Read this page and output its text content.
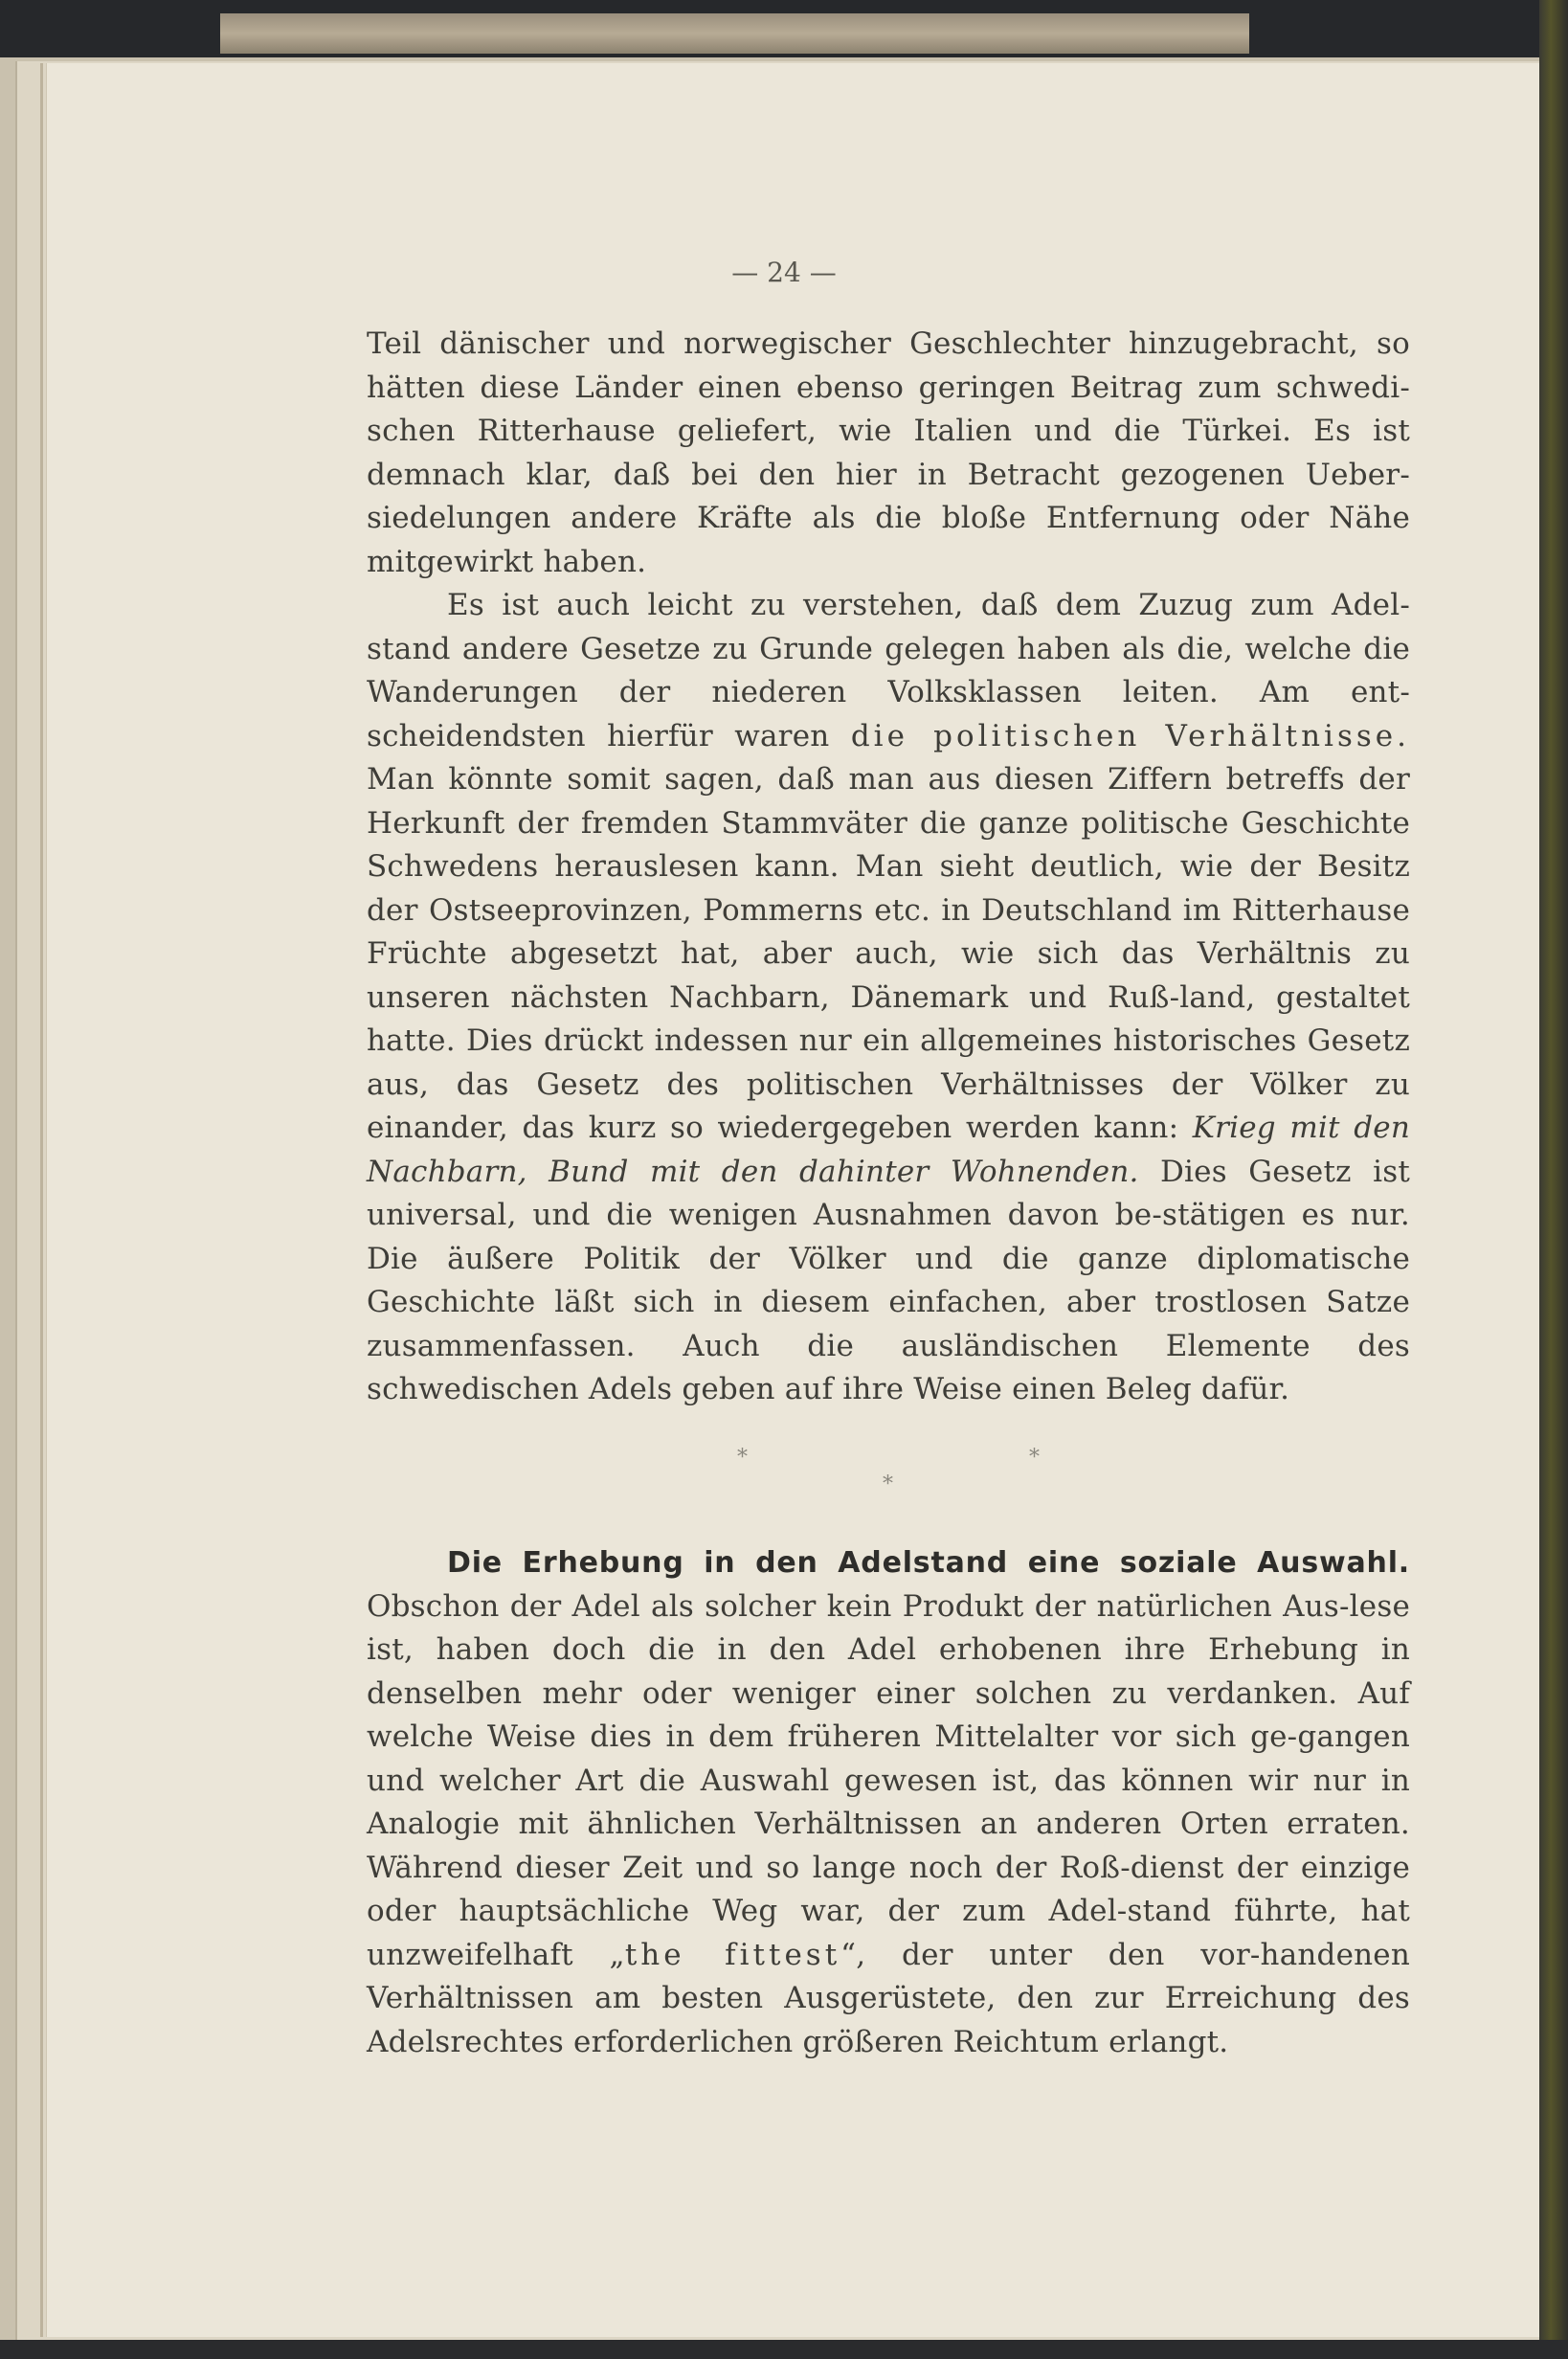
— 24 —

Teil dänischer und norwegischer Geschlechter hinzugebracht, so hätten diese Länder einen ebenso geringen Beitrag zum schwedi- schen Ritterhause geliefert, wie Italien und die Türkei. Es ist demnach klar, daß bei den hier in Betracht gezogenen Ueber- siedelungen andere Kräfte als die bloße Entfernung oder Nähe mitgewirkt haben.

Es ist auch leicht zu verstehen, daß dem Zuzug zum Adel-stand andere Gesetze zu Grunde gelegen haben als die, welche die Wanderungen der niederen Volksklassen leiten. Am ent-scheidendsten hierfür waren die politischen Verhältnisse. Man könnte somit sagen, daß man aus diesen Ziffern betreffs der Herkunft der fremden Stammväter die ganze politische Geschichte Schwedens herauslesen kann. Man sieht deutlich, wie der Besitz der Ostseeprovinzen, Pommerns etc. in Deutschland im Ritterhause Früchte abgesetzt hat, aber auch, wie sich das Verhältnis zu unseren nächsten Nachbarn, Dänemark und Ruß-land, gestaltet hatte. Dies drückt indessen nur ein allgemeines historisches Gesetz aus, das Gesetz des politischen Verhältnisses der Völker zu einander, das kurz so wiedergegeben werden kann: Krieg mit den Nachbarn, Bund mit den dahinter Wohnenden. Dies Gesetz ist universal, und die wenigen Ausnahmen davon be-stätigen es nur. Die äußere Politik der Völker und die ganze diplomatische Geschichte läßt sich in diesem einfachen, aber trostlosen Satze zusammenfassen. Auch die ausländischen Elemente des schwedischen Adels geben auf ihre Weise einen Beleg dafür.

*	*
*

Die Erhebung in den Adelstand eine soziale Auswahl. Obschon der Adel als solcher kein Produkt der natürlichen Aus-lese ist, haben doch die in den Adel erhobenen ihre Erhebung in denselben mehr oder weniger einer solchen zu verdanken. Auf welche Weise dies in dem früheren Mittelalter vor sich ge-gangen und welcher Art die Auswahl gewesen ist, das können wir nur in Analogie mit ähnlichen Verhältnissen an anderen Orten erraten. Während dieser Zeit und so lange noch der Roß-dienst der einzige oder hauptsächliche Weg war, der zum Adel-stand führte, hat unzweifelhaft „the fittest“, der unter den vor-handenen Verhältnissen am besten Ausgerüstete, den zur Erreichung des Adelsrechtes erforderlichen größeren Reichtum erlangt.
